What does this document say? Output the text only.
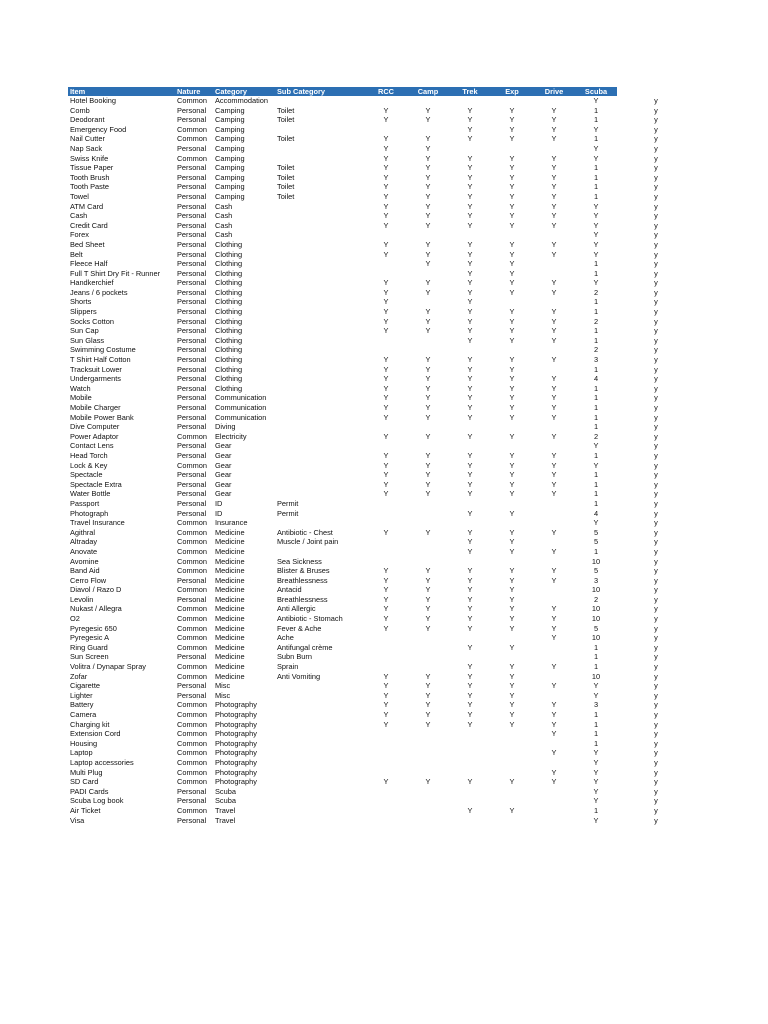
Item	Nature	Category	Sub Category	RCC	Camp	Trek	Exp	Drive	Scuba	
Hotel Booking	Common	Accommodation							Y	y
Comb	Personal	Camping	Toilet	Y	Y	Y	Y	Y	1	y
Deodorant	Personal	Camping	Toilet	Y	Y	Y	Y	Y	1	y
Emergency Food	Common	Camping				Y	Y	Y	Y	y
Nail Cutter	Common	Camping	Toilet	Y	Y	Y	Y	Y	1	y
Nap Sack	Personal	Camping		Y	Y				Y	y
Swiss Knife	Common	Camping		Y	Y	Y	Y	Y	Y	y
Tissue Paper	Personal	Camping	Toilet	Y	Y	Y	Y	Y	1	y
Tooth Brush	Personal	Camping	Toilet	Y	Y	Y	Y	Y	1	y
Tooth Paste	Personal	Camping	Toilet	Y	Y	Y	Y	Y	1	y
Towel	Personal	Camping	Toilet	Y	Y	Y	Y	Y	1	y
ATM Card	Personal	Cash		Y	Y	Y	Y	Y	Y	y
Cash	Personal	Cash		Y	Y	Y	Y	Y	Y	y
Credit Card	Personal	Cash		Y	Y	Y	Y	Y	Y	y
Forex	Personal	Cash							Y	y
Bed Sheet	Personal	Clothing		Y	Y	Y	Y	Y	Y	y
Belt	Personal	Clothing		Y	Y	Y	Y	Y	Y	y
Fleece Half	Personal	Clothing			Y	Y	Y		1	y
Full T Shirt Dry Fit - Runner	Personal	Clothing				Y	Y		1	y
Handkerchief	Personal	Clothing		Y	Y	Y	Y	Y	Y	y
Jeans / 6 pockets	Personal	Clothing		Y	Y	Y	Y	Y	2	y
Shorts	Personal	Clothing		Y		Y			1	y
Slippers	Personal	Clothing		Y	Y	Y	Y	Y	1	y
Socks Cotton	Personal	Clothing		Y	Y	Y	Y	Y	2	y
Sun Cap	Personal	Clothing		Y	Y	Y	Y	Y	1	y
Sun Glass	Personal	Clothing				Y	Y	Y	1	y
Swimming Costume	Personal	Clothing							2	y
T Shirt Half Cotton	Personal	Clothing		Y	Y	Y	Y	Y	3	y
Tracksuit Lower	Personal	Clothing		Y	Y	Y	Y		1	y
Undergarments	Personal	Clothing		Y	Y	Y	Y	Y	4	y
Watch	Personal	Clothing		Y	Y	Y	Y	Y	1	y
Mobile	Personal	Communication		Y	Y	Y	Y	Y	1	y
Mobile Charger	Personal	Communication		Y	Y	Y	Y	Y	1	y
Mobile Power Bank	Personal	Communication		Y	Y	Y	Y	Y	1	y
Dive Computer	Personal	Diving							1	y
Power Adaptor	Common	Electricity		Y	Y	Y	Y	Y	2	y
Contact Lens	Personal	Gear							Y	y
Head Torch	Personal	Gear		Y	Y	Y	Y	Y	1	y
Lock & Key	Common	Gear		Y	Y	Y	Y	Y	Y	y
Spectacle	Personal	Gear		Y	Y	Y	Y	Y	1	y
Spectacle Extra	Personal	Gear		Y	Y	Y	Y	Y	1	y
Water Bottle	Personal	Gear		Y	Y	Y	Y	Y	1	y
Passport	Personal	ID	Permit						1	y
Photograph	Personal	ID	Permit			Y	Y		4	y
Travel Insurance	Common	Insurance							Y	y
Agithral	Common	Medicine	Antibiotic - Chest	Y	Y	Y	Y	Y	5	y
Altraday	Common	Medicine	Muscle / Joint pain			Y	Y		5	y
Anovate	Common	Medicine				Y	Y	Y	1	y
Avomine	Common	Medicine	Sea Sickness						10	y
Band Aid	Common	Medicine	Blister & Bruses	Y	Y	Y	Y	Y	5	y
Cerro Flow	Personal	Medicine	Breathlessness	Y	Y	Y	Y	Y	3	y
Diavol / Razo D	Common	Medicine	Antacid	Y	Y	Y	Y		10	y
Levolin	Personal	Medicine	Breathlessness	Y	Y	Y	Y		2	y
Nukast / Allegra	Common	Medicine	Anti Allergic	Y	Y	Y	Y	Y	10	y
O2	Common	Medicine	Antibiotic - Stomach	Y	Y	Y	Y	Y	10	y
Pyregesic 650	Common	Medicine	Fever & Ache	Y	Y	Y	Y	Y	5	y
Pyregesic A	Common	Medicine	Ache					Y	10	y
Ring Guard	Common	Medicine	Antifungal crème			Y	Y		1	y
Sun Screen	Personal	Medicine	Subn Burn						1	y
Volitra / Dynapar Spray	Common	Medicine	Sprain			Y	Y	Y	1	y
Zofar	Common	Medicine	Anti Vomiting	Y	Y	Y	Y		10	y
Cigarette	Personal	Misc		Y	Y	Y	Y	Y	Y	y
Lighter	Personal	Misc		Y	Y	Y	Y		Y	y
Battery	Common	Photography		Y	Y	Y	Y	Y	3	y
Camera	Common	Photography		Y	Y	Y	Y	Y	1	y
Charging kit	Common	Photography		Y	Y	Y	Y	Y	1	y
Extension Cord	Common	Photography						Y	1	y
Housing	Common	Photography							1	y
Laptop	Common	Photography						Y	Y	y
Laptop accessories	Common	Photography							Y	y
Multi Plug	Common	Photography						Y	Y	y
SD Card	Common	Photography		Y	Y	Y	Y	Y	Y	y
PADI Cards	Personal	Scuba							Y	y
Scuba Log book	Personal	Scuba							Y	y
Air Ticket	Common	Travel				Y	Y		1	y
Visa	Personal	Travel							Y	y
